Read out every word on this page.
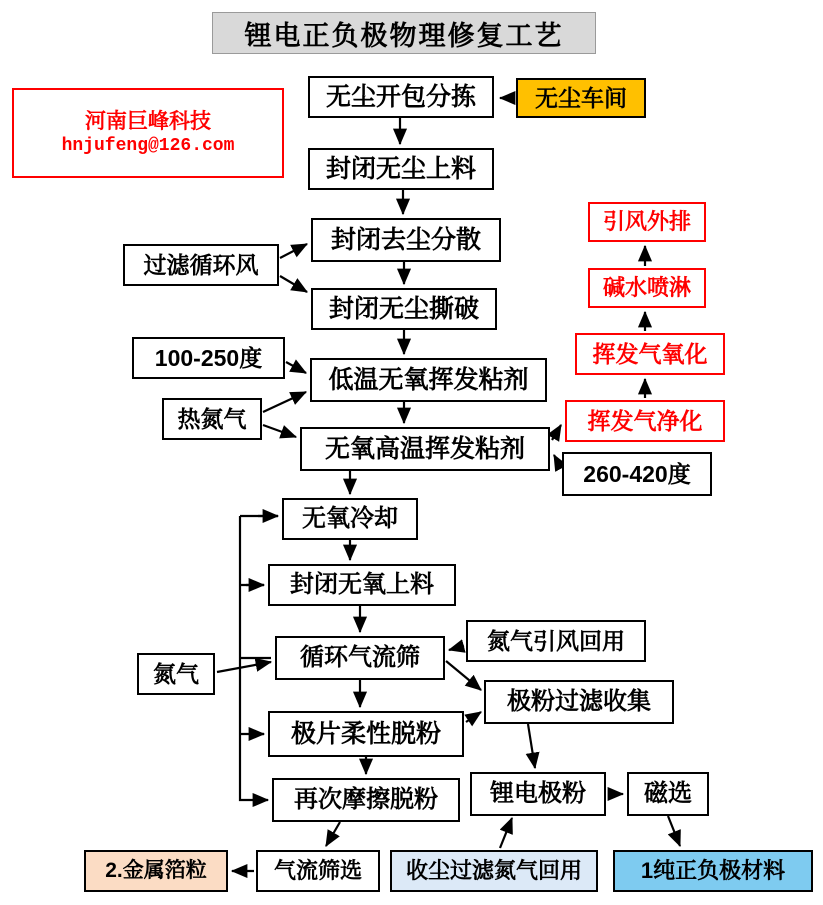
锂电正负极物理修复工艺
河南巨峰科技
hnjufeng@126.com
无尘开包分拣	无尘车间
封闭无尘上料
封闭去尘分散
过滤循环风
封闭无尘撕破
100-250度
低温无氧挥发粘剂
热氮气
无氧高温挥发粘剂
260-420度
挥发气净化
挥发气氧化
碱水喷淋
引风外排
无氧冷却
封闭无氧上料
循环气流筛
氮气引风回用
氮气
极粉过滤收集
极片柔性脱粉
再次摩擦脱粉	锂电极粉	磁选
2.金属箔粒	气流筛选	收尘过滤氮气回用	1纯正负极材料
